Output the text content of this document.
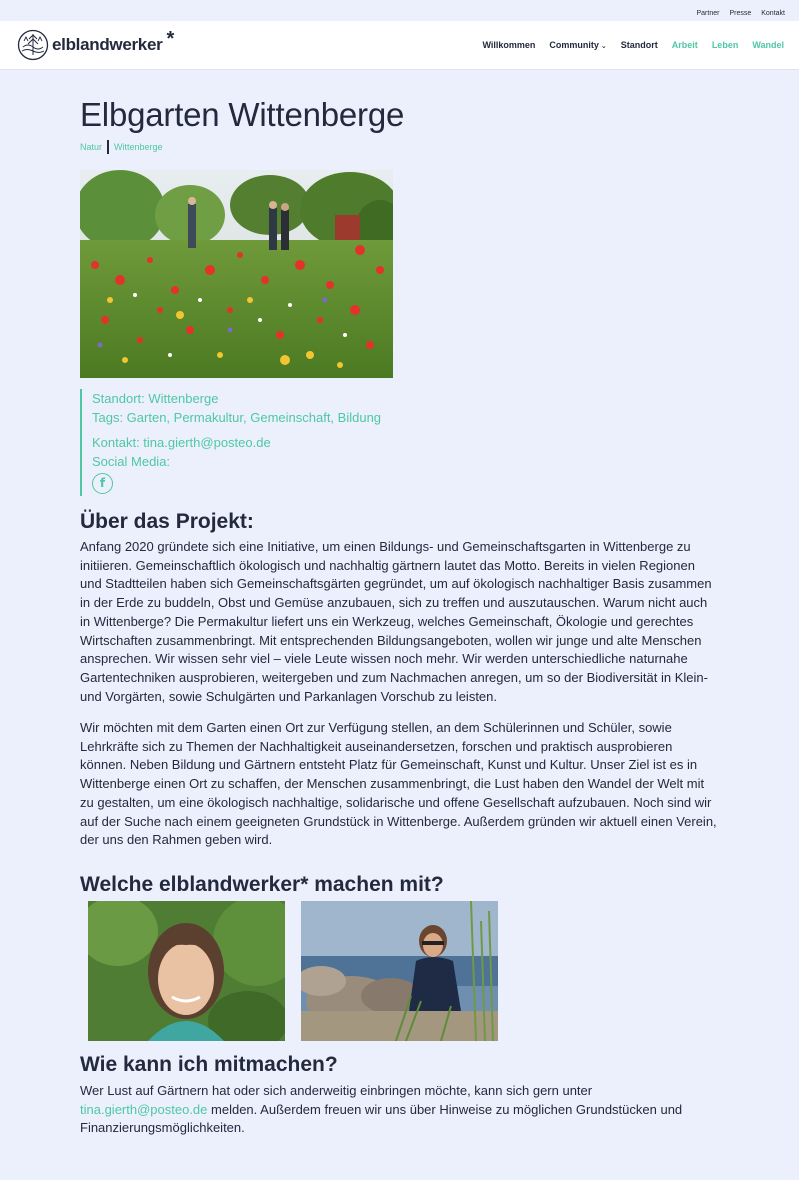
Partner Presse Kontakt
elblandwerker *	Willkommen Community ⌄ Standort Arbeit Leben Wandel
Elbgarten Wittenberge
Natur Wittenberge
Standort: Wittenberge
Tags: Garten, Permakultur, Gemeinschaft, Bildung
Kontakt: tina.gierth@posteo.de
Social Media:
f
Über das Projekt:

Anfang 2020 gründete sich eine Initiative, um einen Bildungs- und Gemeinschaftsgarten in Wittenberge zu initiieren. Gemeinschaftlich ökologisch und nachhaltig gärtnern lautet das Motto. Bereits in vielen Regionen und Stadtteilen haben sich Gemeinschaftsgärten gegründet, um auf ökologisch nachhaltiger Basis zusammen in der Erde zu buddeln, Obst und Gemüse anzubauen, sich zu treffen und auszutauschen. Warum nicht auch in Wittenberge? Die Permakultur liefert uns ein Werkzeug, welches Gemeinschaft, Ökologie und gerechtes Wirtschaften zusammenbringt. Mit entsprechenden Bildungsangeboten, wollen wir junge und alte Menschen ansprechen. Wir wissen sehr viel – viele Leute wissen noch mehr. Wir werden unterschiedliche naturnahe Gartentechniken ausprobieren, weitergeben und zum Nachmachen anregen, um so der Biodiversität in Klein- und Vorgärten, sowie Schulgärten und Parkanlagen Vorschub zu leisten.

Wir möchten mit dem Garten einen Ort zur Verfügung stellen, an dem Schülerinnen und Schüler, sowie Lehrkräfte sich zu Themen der Nachhaltigkeit auseinandersetzen, forschen und praktisch ausprobieren können. Neben Bildung und Gärtnern entsteht Platz für Gemeinschaft, Kunst und Kultur. Unser Ziel ist es in Wittenberge einen Ort zu schaffen, der Menschen zusammenbringt, die Lust haben den Wandel der Welt mit zu gestalten, um eine ökologisch nachhaltige, solidarische und offene Gesellschaft aufzubauen. Noch sind wir auf der Suche nach einem geeigneten Grundstück in Wittenberge. Außerdem gründen wir aktuell einen Verein, der uns den Rahmen geben wird.

Welche elblandwerker* machen mit?
Wie kann ich mitmachen?

Wer Lust auf Gärtnern hat oder sich anderweitig einbringen möchte, kann sich gern unter tina.gierth@posteo.de melden. Außerdem freuen wir uns über Hinweise zu möglichen Grundstücken und Finanzierungsmöglichkeiten.
